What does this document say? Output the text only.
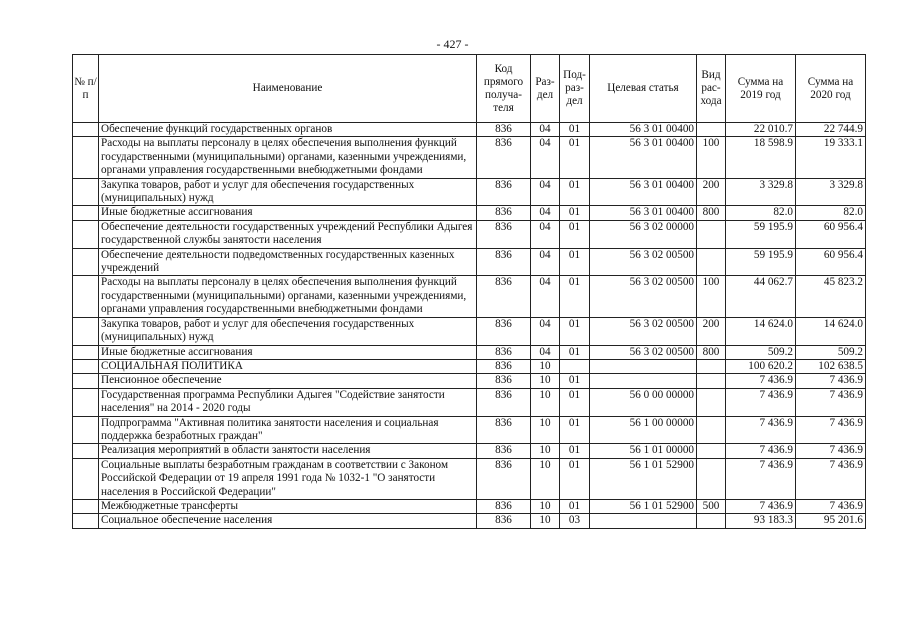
- 427 -
№ п/п	Наименование	Код прямого получа-теля	Раз-дел	Под-раз-дел	Целевая статья	Вид рас-хода	Сумма на 2019 год	Сумма на 2020 год
	Обеспечение функций государственных органов	836	04	01	56 3 01 00400		22 010.7	22 744.9
	Расходы на выплаты персоналу в целях обеспечения выполнения функций государственными (муниципальными) органами, казенными учреждениями, органами управления государственными внебюджетными фондами	836	04	01	56 3 01 00400	100	18 598.9	19 333.1
	Закупка товаров, работ и услуг для обеспечения государственных (муниципальных) нужд	836	04	01	56 3 01 00400	200	3 329.8	3 329.8
	Иные бюджетные ассигнования	836	04	01	56 3 01 00400	800	82.0	82.0
	Обеспечение деятельности государственных учреждений Республики Адыгея государственной службы занятости населения	836	04	01	56 3 02 00000		59 195.9	60 956.4
	Обеспечение деятельности подведомственных государственных казенных учреждений	836	04	01	56 3 02 00500		59 195.9	60 956.4
	Расходы на выплаты персоналу в целях обеспечения выполнения функций государственными (муниципальными) органами, казенными учреждениями, органами управления государственными внебюджетными фондами	836	04	01	56 3 02 00500	100	44 062.7	45 823.2
	Закупка товаров, работ и услуг для обеспечения государственных (муниципальных) нужд	836	04	01	56 3 02 00500	200	14 624.0	14 624.0
	Иные бюджетные ассигнования	836	04	01	56 3 02 00500	800	509.2	509.2
	СОЦИАЛЬНАЯ ПОЛИТИКА	836	10				100 620.2	102 638.5
	Пенсионное обеспечение	836	10	01			7 436.9	7 436.9
	Государственная программа Республики Адыгея "Содействие занятости населения" на 2014 - 2020 годы	836	10	01	56 0 00 00000		7 436.9	7 436.9
	Подпрограмма "Активная политика занятости населения и социальная поддержка безработных граждан"	836	10	01	56 1 00 00000		7 436.9	7 436.9
	Реализация мероприятий в области занятости населения	836	10	01	56 1 01 00000		7 436.9	7 436.9
	Социальные выплаты безработным гражданам в соответствии с Законом Российской Федерации от 19 апреля 1991 года № 1032-1 "О занятости населения в Российской Федерации"	836	10	01	56 1 01 52900		7 436.9	7 436.9
	Межбюджетные трансферты	836	10	01	56 1 01 52900	500	7 436.9	7 436.9
	Социальное обеспечение населения	836	10	03			93 183.3	95 201.6
